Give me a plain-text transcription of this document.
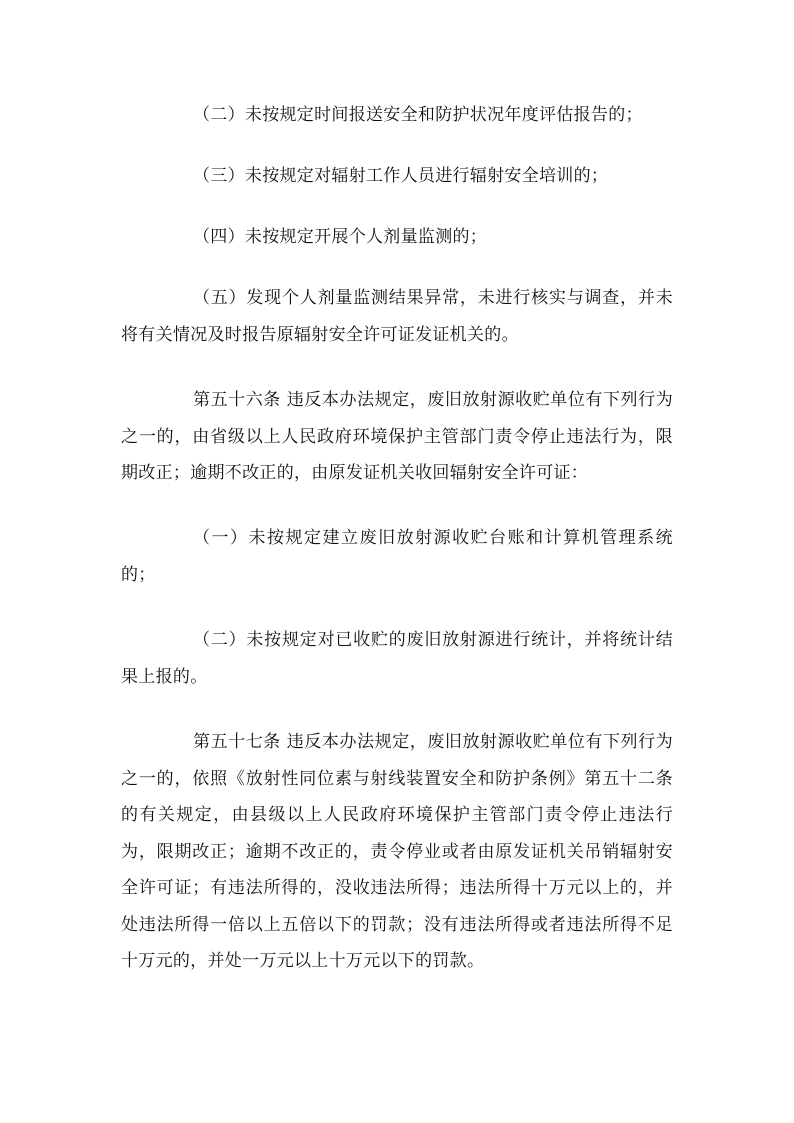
（二）未按规定时间报送安全和防护状况年度评估报告的；

（三）未按规定对辐射工作人员进行辐射安全培训的；

（四）未按规定开展个人剂量监测的；

（五）发现个人剂量监测结果异常，未进行核实与调查，并未将有关情况及时报告原辐射安全许可证发证机关的。

第五十六条 违反本办法规定，废旧放射源收贮单位有下列行为之一的，由省级以上人民政府环境保护主管部门责令停止违法行为，限期改正；逾期不改正的，由原发证机关收回辐射安全许可证：

（一）未按规定建立废旧放射源收贮台账和计算机管理系统的；

（二）未按规定对已收贮的废旧放射源进行统计，并将统计结果上报的。

第五十七条 违反本办法规定，废旧放射源收贮单位有下列行为之一的，依照《放射性同位素与射线装置安全和防护条例》第五十二条的有关规定，由县级以上人民政府环境保护主管部门责令停止违法行为，限期改正；逾期不改正的，责令停业或者由原发证机关吊销辐射安全许可证；有违法所得的，没收违法所得；违法所得十万元以上的，并处违法所得一倍以上五倍以下的罚款；没有违法所得或者违法所得不足十万元的，并处一万元以上十万元以下的罚款。
